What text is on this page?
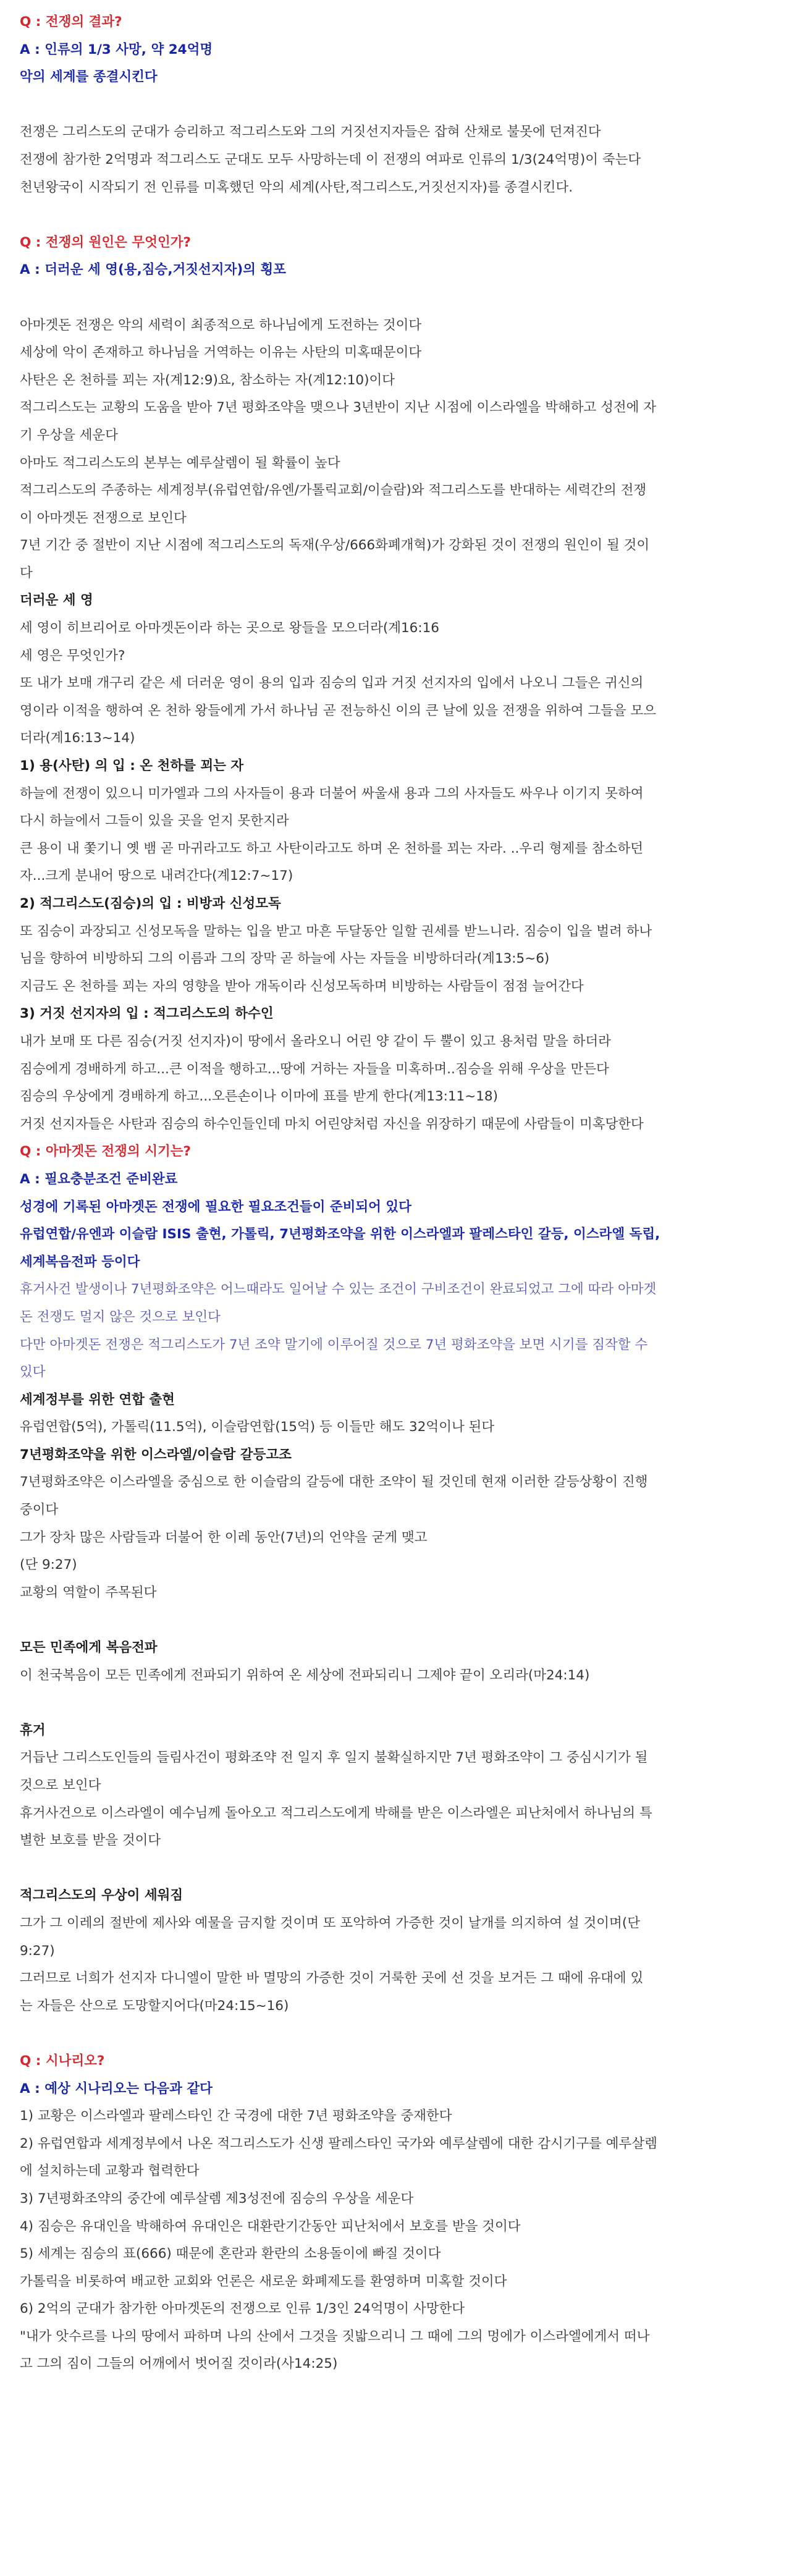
Q : 전쟁의 결과?
A : 인류의 1/3 사망, 약 24억명
악의 세계를 종결시킨다
전쟁은 그리스도의 군대가 승리하고 적그리스도와 그의 거짓선지자들은 잡혀 산채로 불못에 던져진다
전쟁에 참가한 2억명과 적그리스도 군대도 모두 사망하는데 이 전쟁의 여파로 인류의 1/3(24억명)이 죽는다
천년왕국이 시작되기 전 인류를 미혹했던 악의 세계(사탄,적그리스도,거짓선지자)를 종결시킨다.
Q : 전쟁의 원인은 무엇인가?
A : 더러운 세 영(용,짐승,거짓선지자)의 횡포
아마겟돈 전쟁은 악의 세력이 최종적으로 하나님에게 도전하는 것이다
세상에 악이 존재하고 하나님을 거역하는 이유는 사탄의 미혹때문이다
사탄은 온 천하를 꾀는 자(계12:9)요, 참소하는 자(계12:10)이다
적그리스도는 교황의 도움을 받아 7년 평화조약을 맺으나 3년반이 지난 시점에 이스라엘을 박해하고 성전에 자
기 우상을 세운다
아마도 적그리스도의 본부는 예루살렘이 될 확률이 높다
적그리스도의 주종하는 세계정부(유럽연합/유엔/가톨릭교회/이슬람)와 적그리스도를 반대하는 세력간의 전쟁
이 아마겟돈 전쟁으로 보인다
7년 기간 중 절반이 지난 시점에 적그리스도의 독재(우상/666화폐개혁)가 강화된 것이 전쟁의 원인이 될 것이
다
더러운 세 영
세 영이 히브리어로 아마겟돈이라 하는 곳으로 왕들을 모으더라(계16:16
세 영은 무엇인가?
또 내가 보매 개구리 같은 세 더러운 영이 용의 입과 짐승의 입과 거짓 선지자의 입에서 나오니 그들은 귀신의
영이라 이적을 행하여 온 천하 왕들에게 가서 하나님 곧 전능하신 이의 큰 날에 있을 전쟁을 위하여 그들을 모으
더라(계16:13~14)
1) 용(사탄) 의 입 : 온 천하를 꾀는 자
하늘에 전쟁이 있으니 미가엘과 그의 사자들이 용과 더불어 싸울새 용과 그의 사자들도 싸우나 이기지 못하여
다시 하늘에서 그들이 있을 곳을 얻지 못한지라
큰 용이 내 쫓기니 옛 뱀 곧 마귀라고도 하고 사탄이라고도 하며 온 천하를 꾀는 자라. ..우리 형제를 참소하던
자...크게 분내어 땅으로 내려간다(계12:7~17)
2) 적그리스도(짐승)의 입 : 비방과 신성모독
또 짐승이 과장되고 신성모독을 말하는 입을 받고 마흔 두달동안 일할 권세를 받느니라. 짐승이 입을 벌려 하나
님을 향하여 비방하되 그의 이름과 그의 장막 곧 하늘에 사는 자들을 비방하더라(계13:5~6)
지금도 온 천하를 꾀는 자의 영향을 받아 개독이라 신성모독하며 비방하는 사람들이 점점 늘어간다
3) 거짓 선지자의 입 : 적그리스도의 하수인
내가 보매 또 다른 짐승(거짓 선지자)이 땅에서 올라오니 어린 양 같이 두 뿔이 있고 용처럼 말을 하더라
짐승에게 경배하게 하고...큰 이적을 행하고...땅에 거하는 자들을 미혹하며..짐승을 위해 우상을 만든다
짐승의 우상에게 경배하게 하고...오른손이나 이마에 표를 받게 한다(계13:11~18)
거짓 선지자들은 사탄과 짐승의 하수인들인데 마치 어린양처럼 자신을 위장하기 때문에 사람들이 미혹당한다
Q : 아마겟돈 전쟁의 시기는?
A : 필요충분조건 준비완료
성경에 기록된 아마겟돈 전쟁에 필요한 필요조건들이 준비되어 있다
유럽연합/유엔과 이슬람 ISIS 출현, 가톨릭, 7년평화조약을 위한 이스라엘과 팔레스타인 갈등, 이스라엘 독립,
세계복음전파 등이다
휴거사건 발생이나 7년평화조약은 어느때라도 일어날 수 있는 조건이 구비조건이 완료되었고 그에 따라 아마겟
돈 전쟁도 멀지 않은 것으로 보인다
다만 아마겟돈 전쟁은 적그리스도가 7년 조약 말기에 이루어질 것으로 7년 평화조약을 보면 시기를 짐작할 수
있다
세계정부를 위한 연합 출현
유럽연합(5억), 가톨릭(11.5억), 이슬람연합(15억) 등 이들만 해도 32억이나 된다
7년평화조약을 위한 이스라엘/이슬람 갈등고조
7년평화조약은 이스라엘을 중심으로 한 이슬람의 갈등에 대한 조약이 될 것인데 현재 이러한 갈등상황이 진행
중이다
그가 장차 많은 사람들과 더불어 한 이레 동안(7년)의 언약을 굳게 맺고
(단 9:27)
교황의 역할이 주목된다
모든 민족에게 복음전파
이 천국복음이 모든 민족에게 전파되기 위하여 온 세상에 전파되리니 그제야 끝이 오리라(마24:14)
휴거
거듭난 그리스도인들의 들림사건이 평화조약 전 일지 후 일지 불확실하지만 7년 평화조약이 그 중심시기가 될
것으로 보인다
휴거사건으로 이스라엘이 예수님께 돌아오고 적그리스도에게 박해를 받은 이스라엘은 피난처에서 하나님의 특
별한 보호를 받을 것이다
적그리스도의 우상이 세워짐
그가 그 이레의 절반에 제사와 예물을 금지할 것이며 또 포악하여 가증한 것이 날개를 의지하여 설 것이며(단
9:27)
그러므로 너희가 선지자 다니엘이 말한 바 멸망의 가증한 것이 거룩한 곳에 선 것을 보거든 그 때에 유대에 있
는 자들은 산으로 도망할지어다(마24:15~16)
Q : 시나리오?
A : 예상 시나리오는 다음과 같다
1) 교황은 이스라엘과 팔레스타인 간 국경에 대한 7년 평화조약을 중재한다
2) 유럽연합과 세계정부에서 나온 적그리스도가 신생 팔레스타인 국가와 예루살렘에 대한 감시기구를 예루살렘
에 설치하는데 교황과 협력한다
3) 7년평화조약의 중간에 예루살렘 제3성전에 짐승의 우상을 세운다
4) 짐승은 유대인을 박해하여 유대인은 대환란기간동안 피난처에서 보호를 받을 것이다
5) 세계는 짐승의 표(666) 때문에 혼란과 환란의 소용돌이에 빠질 것이다
가톨릭을 비롯하여 배교한 교회와 언론은 새로운 화폐제도를 환영하며 미혹할 것이다
6) 2억의 군대가 참가한 아마겟돈의 전쟁으로 인류 1/3인 24억명이 사망한다
"내가 앗수르를 나의 땅에서 파하며 나의 산에서 그것을 짓밟으리니 그 때에 그의 멍에가 이스라엘에게서 떠나
고 그의 짐이 그들의 어깨에서 벗어질 것이라(사14:25)
